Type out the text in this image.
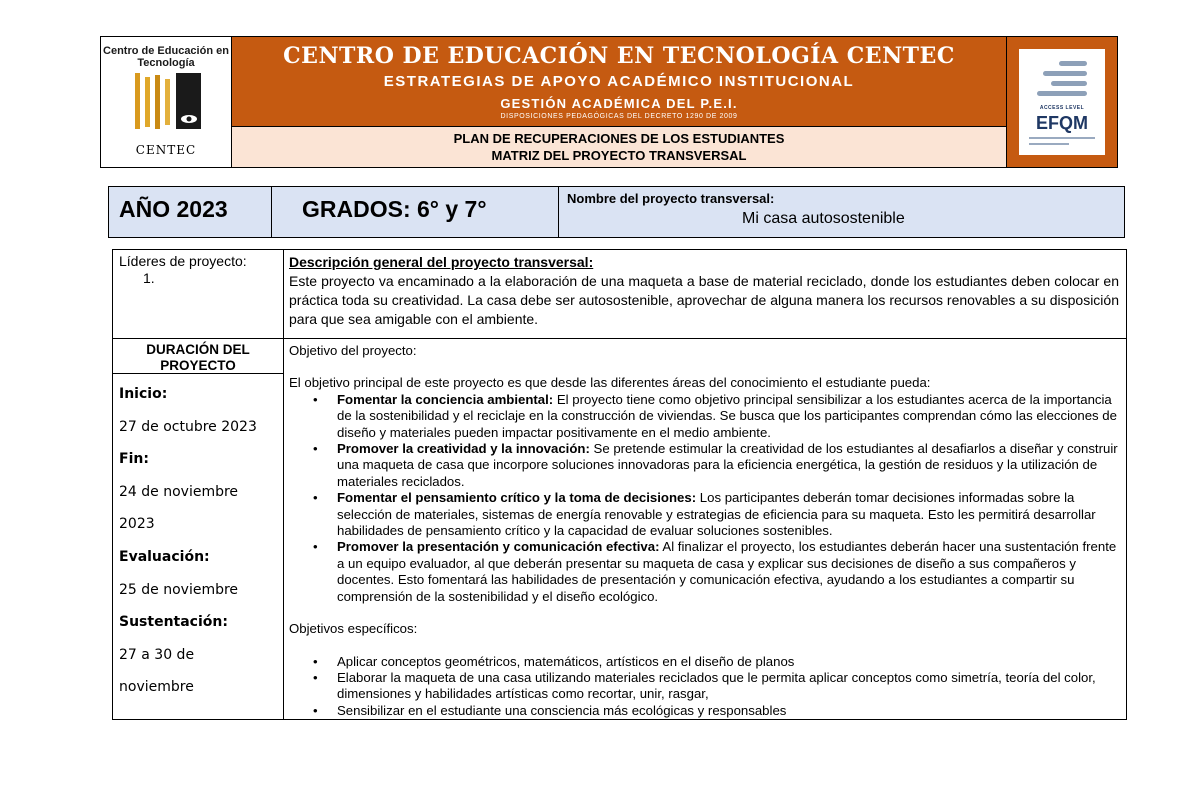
Centro de Educación en Tecnología
CENTEC
CENTRO DE EDUCACIÓN EN TECNOLOGÍA CENTEC
ESTRATEGIAS DE APOYO ACADÉMICO INSTITUCIONAL
GESTIÓN ACADÉMICA DEL P.E.I.
DISPOSICIONES PEDAGÓGICAS DEL DECRETO 1290 DE 2009
PLAN DE RECUPERACIONES DE LOS ESTUDIANTES
MATRIZ DEL PROYECTO TRANSVERSAL
ACCESS LEVEL
EFQM
AÑO 2023	GRADOS: 6° y 7°	Nombre del proyecto transversal:
Mi casa autosostenible
Líderes de proyecto:
1.
Descripción general del proyecto transversal:
Este proyecto va encaminado a la elaboración de una maqueta a base de material reciclado, donde los estudiantes deben colocar en práctica toda su creatividad. La casa debe ser autosostenible, aprovechar de alguna manera los recursos renovables a su disposición para que sea amigable con el ambiente.
DURACIÓN DEL PROYECTO
Inicio:
27 de octubre 2023
Fin:
24 de noviembre
2023
Evaluación:
25 de noviembre
Sustentación:
27 a 30 de
noviembre

Objetivo del proyecto:

El objetivo principal de este proyecto es que desde las diferentes áreas del conocimiento el estudiante pueda:

• Fomentar la conciencia ambiental: El proyecto tiene como objetivo principal sensibilizar a los estudiantes acerca de la importancia de la sostenibilidad y el reciclaje en la construcción de viviendas. Se busca que los participantes comprendan cómo las elecciones de diseño y materiales pueden impactar positivamente en el medio ambiente.
• Promover la creatividad y la innovación: Se pretende estimular la creatividad de los estudiantes al desafiarlos a diseñar y construir una maqueta de casa que incorpore soluciones innovadoras para la eficiencia energética, la gestión de residuos y la utilización de materiales reciclados.
• Fomentar el pensamiento crítico y la toma de decisiones: Los participantes deberán tomar decisiones informadas sobre la selección de materiales, sistemas de energía renovable y estrategias de eficiencia para su maqueta. Esto les permitirá desarrollar habilidades de pensamiento crítico y la capacidad de evaluar soluciones sostenibles.
• Promover la presentación y comunicación efectiva: Al finalizar el proyecto, los estudiantes deberán hacer una sustentación frente a un equipo evaluador, al que deberán presentar su maqueta de casa y explicar sus decisiones de diseño a sus compañeros y docentes. Esto fomentará las habilidades de presentación y comunicación efectiva, ayudando a los estudiantes a compartir su comprensión de la sostenibilidad y el diseño ecológico.

Objetivos específicos:

• Aplicar conceptos geométricos, matemáticos, artísticos en el diseño de planos
• Elaborar la maqueta de una casa utilizando materiales reciclados que le permita aplicar conceptos como simetría, teoría del color, dimensiones y habilidades artísticas como recortar, unir, rasgar,
• Sensibilizar en el estudiante una consciencia más ecológicas y responsables
